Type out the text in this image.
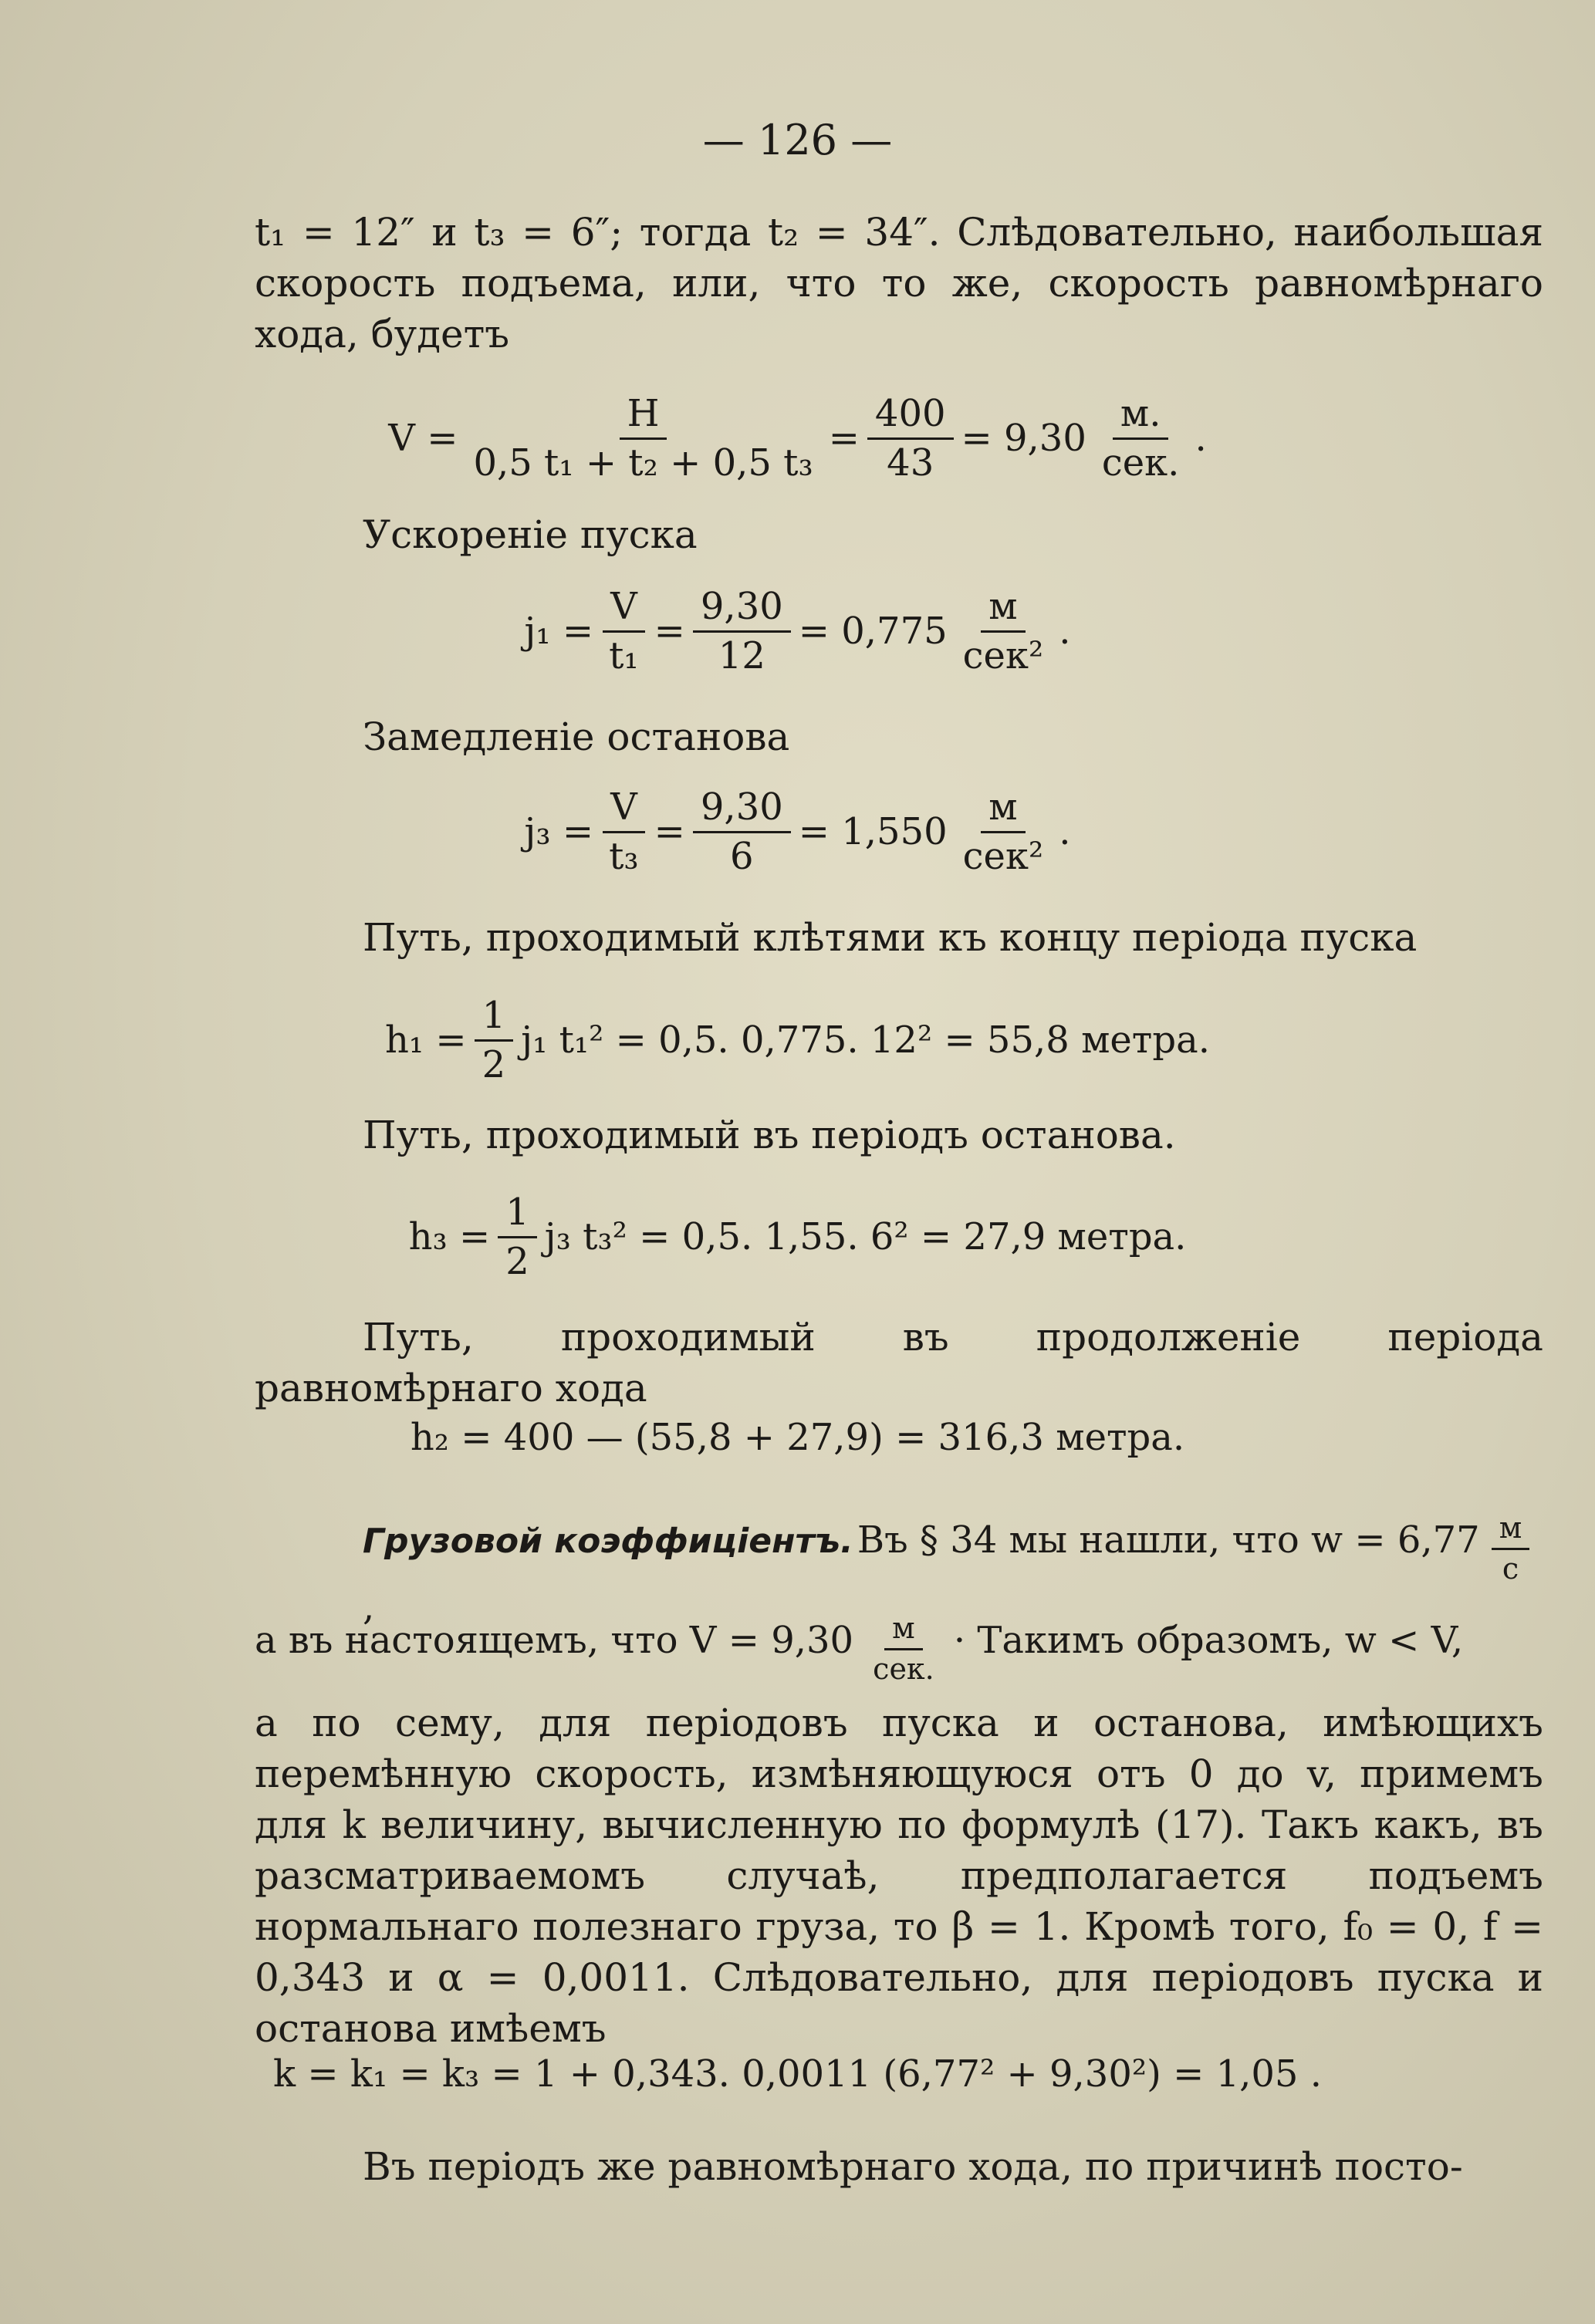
— 126 —

t₁ = 12″ и t₃ = 6″; тогда t₂ = 34″. Слѣдовательно, наибольшая скорость подъема, или, что то же, скорость равномѣрнаго хода, будетъ

$V = \frac{H}{\text{0,5 t₁ + t₂ + 0,5 t₃}} = \frac{400}{43} = 9,30 \frac{м.}{\text{сек.}}$ .

Ускореніе пуска

$j_1 = \frac{V}{\text{t₁}} = \frac{9,30}{12} = 0,775 \frac{м}{\text{сек²}}$ .

Замедленіе останова

$j_3 = \frac{V}{\text{t₃}} = \frac{9,30}{6} = 1,550 \frac{м}{\text{сек²}}$ .

Путь, проходимый клѣтями къ концу періода пуска

$h_1 = \frac{1}{2} j_1$ t₁² = 0,5. 0,775. 12² = 55,8 метра.

Путь, проходимый въ періодъ останова.

$h_3 = \frac{1}{2} j_3$ t₃² = 0,5. 1,55. 6² = 27,9 метра.

Путь, проходимый въ продолженіе періода равномѣрнаго хода

h₂ = 400 — (55,8 + 27,9) = 316,3 метра.
Грузовой коэффиціентъ. Въ § 34 мы нашли, что $w = 6,77 \frac{м}{с}$
,
а въ настоящемъ, что $V = 9,30 \frac{м}{\text{сек.}}$ · Такимъ образомъ, w < V,

а по сему, для періодовъ пуска и останова, имѣющихъ перемѣнную скорость, измѣняющуюся отъ 0 до v, примемъ для k величину, вычисленную по формулѣ (17). Такъ какъ, въ разсматриваемомъ случаѣ, предполагается подъемъ нормальнаго полезнаго груза, то β = 1. Кромѣ того, f₀ = 0, f = 0,343 и α = 0,0011. Слѣдовательно, для періодовъ пуска и останова имѣемъ

k = k₁ = k₃ = 1 + 0,343. 0,0011 (6,77² + 9,30²) = 1,05 .

Въ періодъ же равномѣрнаго хода, по причинѣ посто-
